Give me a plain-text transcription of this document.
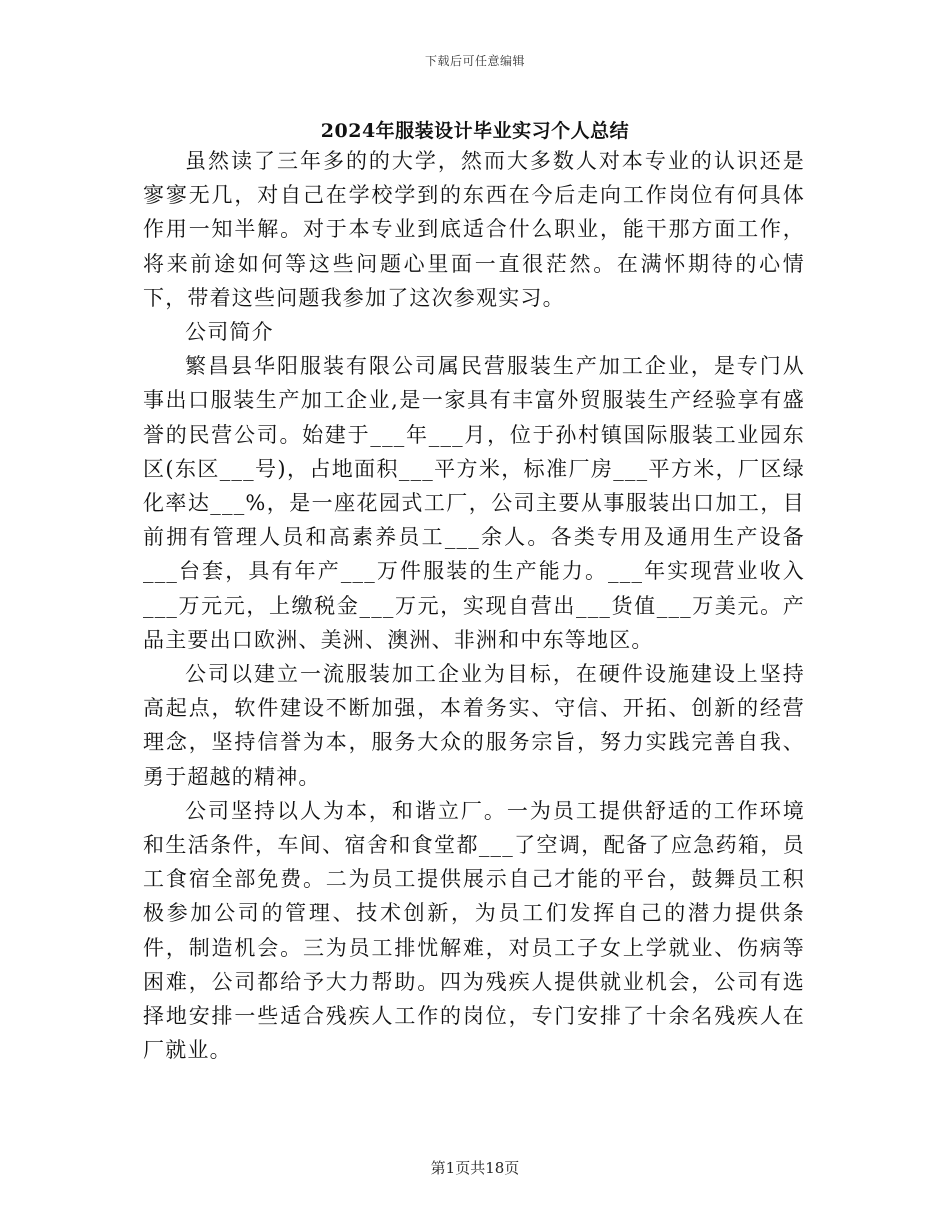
下载后可任意编辑
2024年服装设计毕业实习个人总结

虽然读了三年多的的大学，然而大多数人对本专业的认识还是寥寥无几，对自己在学校学到的东西在今后走向工作岗位有何具体作用一知半解。对于本专业到底适合什么职业，能干那方面工作，将来前途如何等这些问题心里面一直很茫然。在满怀期待的心情下，带着这些问题我参加了这次参观实习。

公司简介

繁昌县华阳服装有限公司属民营服装生产加工企业，是专门从事出口服装生产加工企业,是一家具有丰富外贸服装生产经验享有盛誉的民营公司。始建于___年___月，位于孙村镇国际服装工业园东区(东区___号)，占地面积___平方米，标准厂房___平方米，厂区绿化率达___%，是一座花园式工厂，公司主要从事服装出口加工，目前拥有管理人员和高素养员工___余人。各类专用及通用生产设备___台套，具有年产___万件服装的生产能力。___年实现营业收入___万元元，上缴税金___万元，实现自营出___货值___万美元。产品主要出口欧洲、美洲、澳洲、非洲和中东等地区。

公司以建立一流服装加工企业为目标，在硬件设施建设上坚持高起点，软件建设不断加强，本着务实、守信、开拓、创新的经营理念，坚持信誉为本，服务大众的服务宗旨，努力实践完善自我、勇于超越的精神。

公司坚持以人为本，和谐立厂。一为员工提供舒适的工作环境和生活条件，车间、宿舍和食堂都___了空调，配备了应急药箱，员工食宿全部免费。二为员工提供展示自己才能的平台，鼓舞员工积极参加公司的管理、技术创新，为员工们发挥自己的潜力提供条件，制造机会。三为员工排忧解难，对员工子女上学就业、伤病等困难，公司都给予大力帮助。四为残疾人提供就业机会，公司有选择地安排一些适合残疾人工作的岗位，专门安排了十余名残疾人在厂就业。

第1页共18页
